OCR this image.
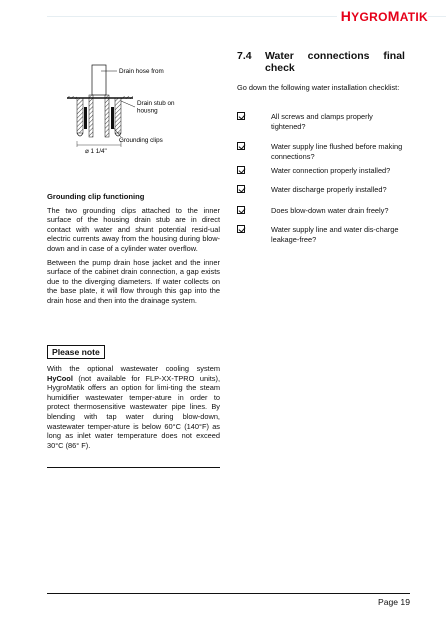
HYGROMATIK
Drain hose from
Drain stub on housng
Grounding clips
⌀ 1 1/4"

Grounding clip functioning

The two grounding clips attached to the inner surface of the housing drain stub are in direct contact with water and shunt potential resid-ual electric currents away from the housing during blow-down and in case of a cylinder water overflow.

Between the pump drain hose jacket and the inner surface of the cabinet drain connection, a gap exists due to the diverging diameters. If water collects on the base plate, it will flow through this gap into the drain hose and then into the drainage system.

Please note
With the optional wastewater cooling system HyCool (not available for FLP-XX-TPRO units), HygroMatik offers an option for limi-ting the steam humidifier wastewater temper-ature in order to protect thermosensitive wastewater pipe lines. By blending with tap water during blow-down, wastewater temper-ature is below 60°C (140°F) as long as inlet water temperature does not exceed 30°C (86° F).
7.4	Water connections final
check

Go down the following water installation checklist:

All screws and clamps properly tightened?
Water supply line flushed before making connections?
Water connection properly installed?
Water discharge properly installed?
Does blow-down water drain freely?
Water supply line and water dis-charge leakage-free?
Page 19
